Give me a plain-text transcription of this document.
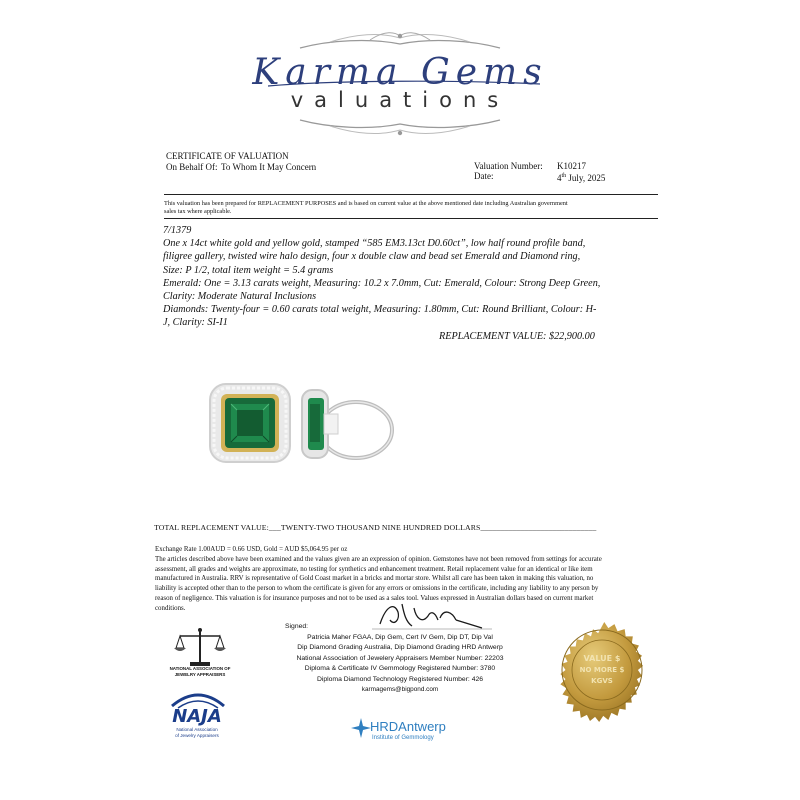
Karma Gems
valuations
CERTIFICATE OF VALUATION
On Behalf Of: To Whom It May Concern	Valuation Number: K10217
Date:	4th July, 2025
This valuation has been prepared for REPLACEMENT PURPOSES and is based on current value at the above mentioned date including Australian government
sales tax where applicable.
7/1379
One x 14ct white gold and yellow gold, stamped “585 EM3.13ct D0.60ct”, low half round profile band,
filigree gallery, twisted wire halo design, four x double claw and bead set Emerald and Diamond ring,
Size: P 1/2, total item weight = 5.4 grams
Emerald: One = 3.13 carats weight, Measuring: 10.2 x 7.0mm, Cut: Emerald, Colour: Strong Deep Green,
Clarity: Moderate Natural Inclusions
Diamonds: Twenty-four = 0.60 carats total weight, Measuring: 1.80mm, Cut: Round Brilliant, Colour: H-
J, Clarity: SI-I1
REPLACEMENT VALUE: $22,900.00
TOTAL REPLACEMENT VALUE:___TWENTY-TWO THOUSAND NINE HUNDRED DOLLARS_____________________________
Exchange Rate 1.00AUD = 0.66 USD, Gold = AUD $5,064.95 per oz
The articles described above have been examined and the values given are an expression of opinion. Gemstones have not been removed from settings for accurate
assessment, all grades and weights are approximate, no testing for synthetics and enhancement treatment. Retail replacement value for an identical or like item
manufactured in Australia. RRV is representative of Gold Coast market in a bricks and mortar store. Whilst all care has been taken in making this valuation, no
liability is accepted other than to the person to whom the certificate is given for any errors or omissions in the certificate, including any liability to any person by
reason of negligence. This valuation is for insurance purposes and not to be used as a sales tool. Values expressed in Australian dollars based on current market
conditions.
Signed:
Patricia Maher FGAA, Dip Gem, Cert IV Gem, Dip DT, Dip Val
Dip Diamond Grading Australia, Dip Diamond Grading HRD Antwerp
National Association of Jewelery Appraisers Member Number: 22203
Diploma & Certificate IV Gemmology Registered Number: 3780
Diploma Diamond Technology Registered Number: 426
karmagems@bigpond.com
NATIONAL ASSOCIATION OF
JEWELRY APPRAISERS
NAJA
National Association
of Jewelry Appraisers
HRDAntwerp
Institute of Gemmology
VALUE $
NO MORE $
KGVS
